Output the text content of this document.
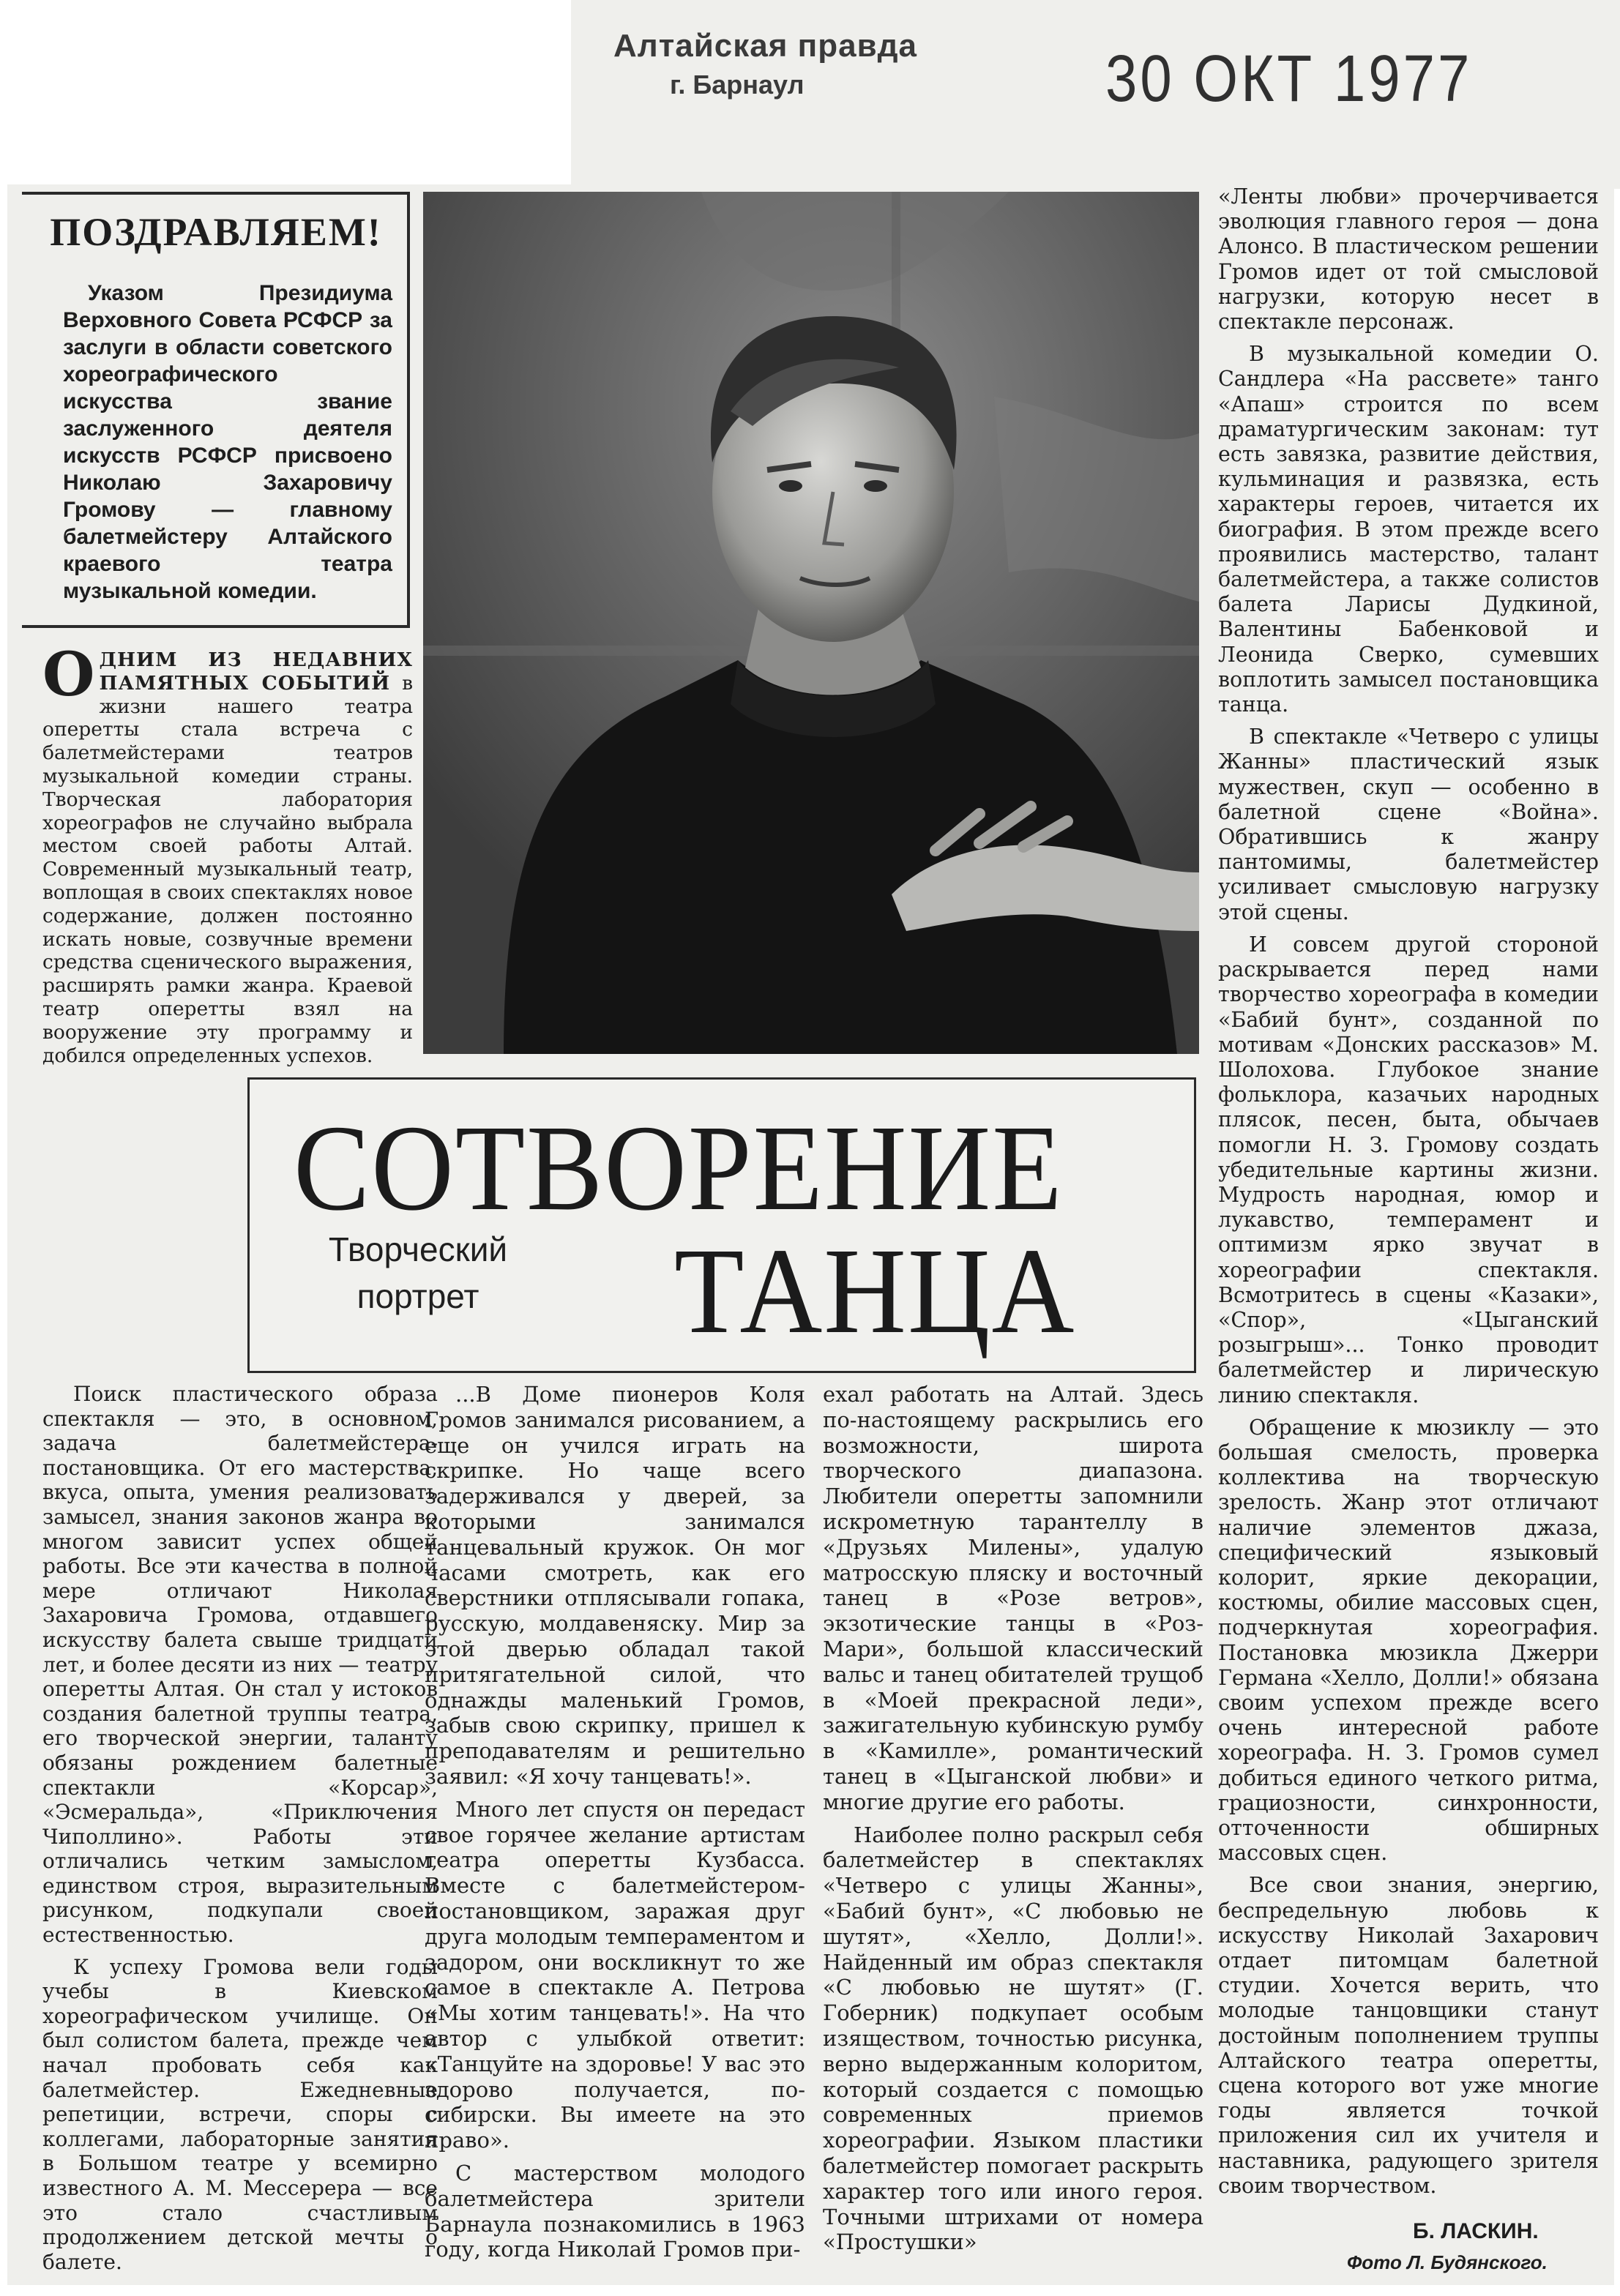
Алтайская правда
г. Барнаул	30 ОКТ 1977
ПОЗДРАВЛЯЕМ!
Указом Президиума Верховного Совета РСФСР за заслуги в области советского хореографического искусства звание заслуженного деятеля искусств РСФСР присвоено Николаю Захаровичу Громову — главному балетмейстеру Алтайского краевого театра музыкальной комедии.
СОТВОРЕНИЕ
Творческий
портрет	ТАНЦА

ОДНИМ ИЗ НЕДАВНИХ ПАМЯТНЫХ СОБЫТИЙ в жизни нашего театра оперетты стала встреча с балетмейстерами театров музыкальной комедии страны. Творческая лаборатория хореографов не случайно выбрала местом своей работы Алтай. Современный музыкальный театр, воплощая в своих спектаклях новое содержание, должен постоянно искать новые, созвучные времени средства сценического выражения, расширять рамки жанра. Краевой театр оперетты взял на вооружение эту программу и добился определенных успехов.

Поиск пластического образа спектакля — это, в основном, задача балетмейстера-постановщика. От его мастерства, вкуса, опыта, умения реализовать замысел, знания законов жанра во многом зависит успех общей работы. Все эти качества в полной мере отличают Николая Захаровича Громова, отдавшего искусству балета свыше тридцати лет, и более десяти из них — театру оперетты Алтая. Он стал у истоков создания балетной труппы театра, его творческой энергии, таланту обязаны рождением балетные спектакли «Корсар», «Эсмеральда», «Приключения Чиполлино». Работы эти отличались четким замыслом, единством строя, выразительным рисунком, подкупали своей естественностью.

К успеху Громова вели годы учебы в Киевском хореографическом училище. Он был солистом балета, прежде чем начал пробовать себя как балетмейстер. Ежедневные репетиции, встречи, споры с коллегами, лабораторные занятия в Большом театре у всемирно известного А. М. Мессерера — все это стало счастливым продолжением детской мечты о балете.

...В Доме пионеров Коля Громов занимался рисованием, а еще он учился играть на скрипке. Но чаще всего задерживался у дверей, за которыми занимался танцевальный кружок. Он мог часами смотреть, как его сверстники отплясывали гопака, русскую, молдавеняску. Мир за этой дверью обладал такой притягательной силой, что однажды маленький Громов, забыв свою скрипку, пришел к преподавателям и решительно заявил: «Я хочу танцевать!».

Много лет спустя он передаст свое горячее желание артистам театра оперетты Кузбасса. Вместе с балетмейстером-постановщиком, заражая друг друга молодым темпераментом и задором, они воскликнут то же самое в спектакле А. Петрова «Мы хотим танцевать!». На что автор с улыбкой ответит: «Танцуйте на здоровье! У вас это здорово получается, по-сибирски. Вы имеете на это право».

С мастерством молодого балетмейстера зрители Барнаула познакомились в 1963 году, когда Николай Громов при-

ехал работать на Алтай. Здесь по-настоящему раскрылись его возможности, широта творческого диапазона. Любители оперетты запомнили искрометную тарантеллу в «Друзьях Милены», удалую матросскую пляску и восточный танец в «Розе ветров», экзотические танцы в «Роз-Мари», большой классический вальс и танец обитателей трущоб в «Моей прекрасной леди», зажигательную кубинскую румбу в «Камилле», романтический танец в «Цыганской любви» и многие другие его работы.

Наиболее полно раскрыл себя балетмейстер в спектаклях «Четверо с улицы Жанны», «Бабий бунт», «С любовью не шутят», «Хелло, Долли!». Найденный им образ спектакля «С любовью не шутят» (Г. Гоберник) подкупает особым изяществом, точностью рисунка, верно выдержанным колоритом, который создается с помощью современных приемов хореографии. Языком пластики балетмейстер помогает раскрыть характер того или иного героя. Точными штрихами от номера «Простушки»

«Ленты любви» прочерчивается эволюция главного героя — дона Алонсо. В пластическом решении Громов идет от той смысловой нагрузки, которую несет в спектакле персонаж.

В музыкальной комедии О. Сандлера «На рассвете» танго «Апаш» строится по всем драматургическим законам: тут есть завязка, развитие действия, кульминация и развязка, есть характеры героев, читается их биография. В этом прежде всего проявились мастерство, талант балетмейстера, а также солистов балета Ларисы Дудкиной, Валентины Бабенковой и Леонида Сверко, сумевших воплотить замысел постановщика танца.

В спектакле «Четверо с улицы Жанны» пластический язык мужествен, скуп — особенно в балетной сцене «Война». Обратившись к жанру пантомимы, балетмейстер усиливает смысловую нагрузку этой сцены.

И совсем другой стороной раскрывается перед нами творчество хореографа в комедии «Бабий бунт», созданной по мотивам «Донских рассказов» М. Шолохова. Глубокое знание фольклора, казачьих народных плясок, песен, быта, обычаев помогли Н. З. Громову создать убедительные картины жизни. Мудрость народная, юмор и лукавство, темперамент и оптимизм ярко звучат в хореографии спектакля. Всмотритесь в сцены «Казаки», «Спор», «Цыганский розыгрыш»... Тонко проводит балетмейстер и лирическую линию спектакля.

Обращение к мюзиклу — это большая смелость, проверка коллектива на творческую зрелость. Жанр этот отличают наличие элементов джаза, специфический языковый колорит, яркие декорации, костюмы, обилие массовых сцен, подчеркнутая хореография. Постановка мюзикла Джерри Германа «Хелло, Долли!» обязана своим успехом прежде всего очень интересной работе хореографа. Н. З. Громов сумел добиться единого четкого ритма, грациозности, синхронности, отточенности обширных массовых сцен.

Все свои знания, энергию, беспредельную любовь к искусству Николай Захарович отдает питомцам балетной студии. Хочется верить, что молодые танцовщики станут достойным пополнением труппы Алтайского театра оперетты, сцена которого вот уже многие годы является точкой приложения сил их учителя и наставника, радующего зрителя своим творчеством.

Б. ЛАСКИН.
Фото Л. Будянского.
